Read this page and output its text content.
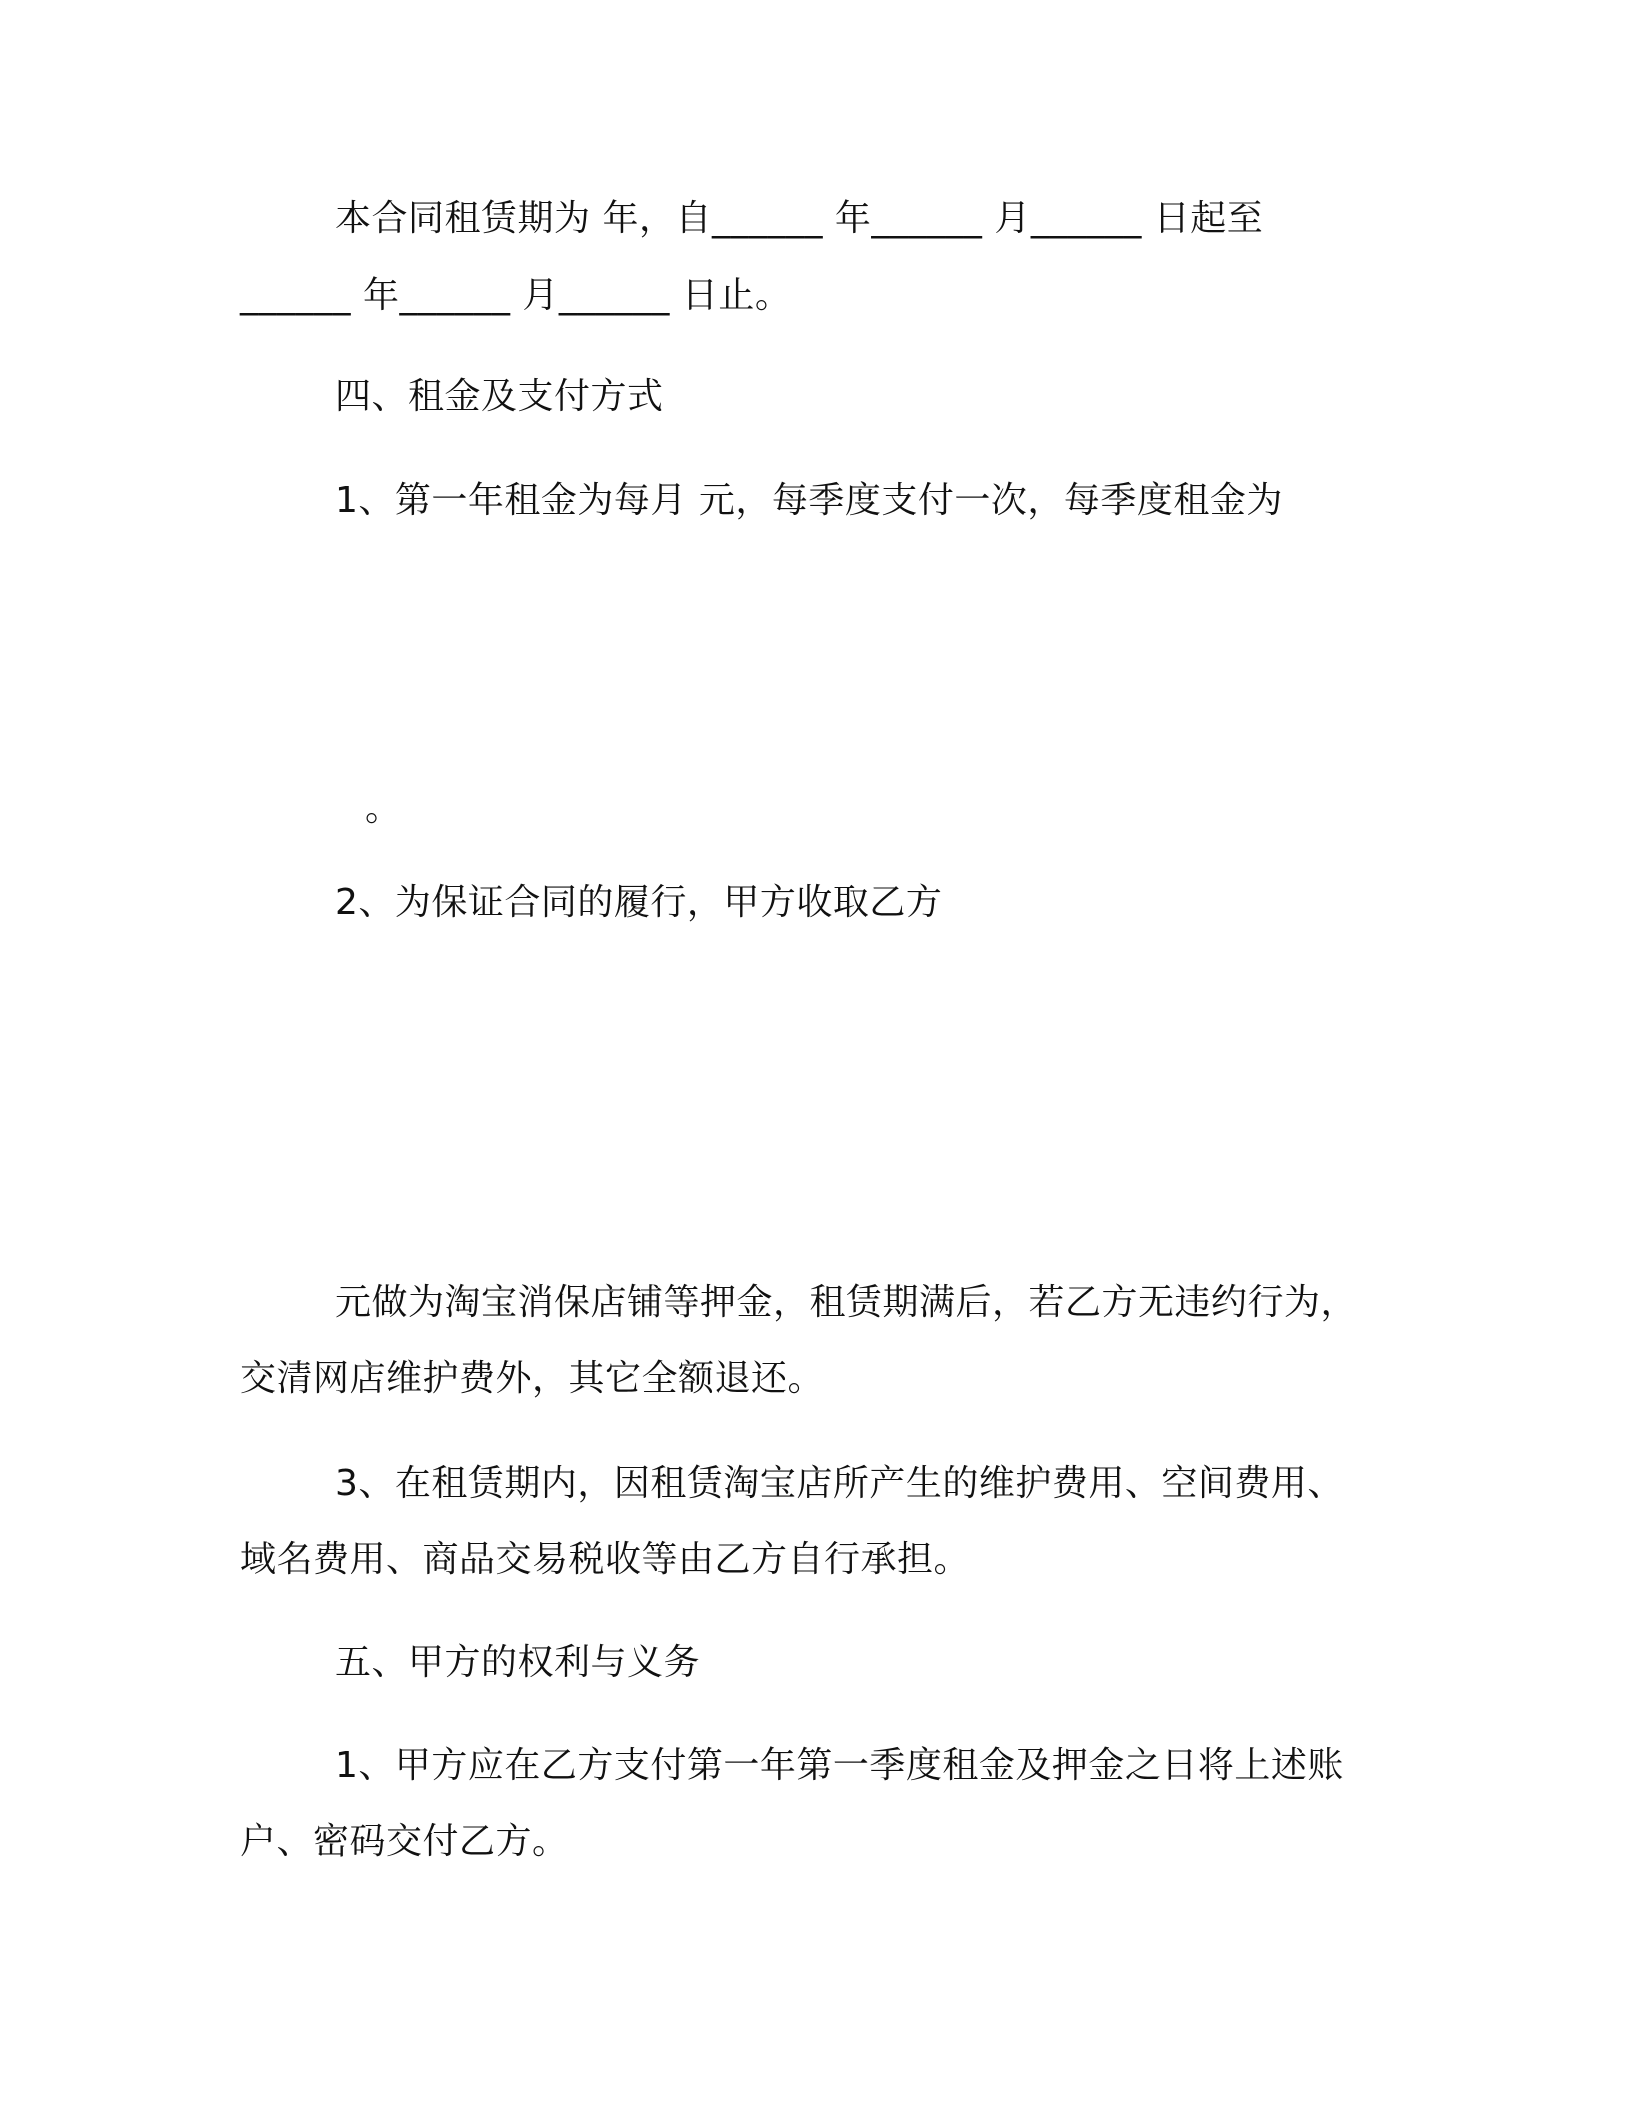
本合同租赁期为 年，自______ 年______ 月______ 日起至
______ 年______ 月______ 日止。
四、租金及支付方式
1、第一年租金为每月 元，每季度支付一次，每季度租金为
。
2、为保证合同的履行，甲方收取乙方
元做为淘宝消保店铺等押金，租赁期满后，若乙方无违约行为，
交清网店维护费外，其它全额退还。
3、在租赁期内，因租赁淘宝店所产生的维护费用、空间费用、
域名费用、商品交易税收等由乙方自行承担。
五、甲方的权利与义务
1、甲方应在乙方支付第一年第一季度租金及押金之日将上述账
户、密码交付乙方。
